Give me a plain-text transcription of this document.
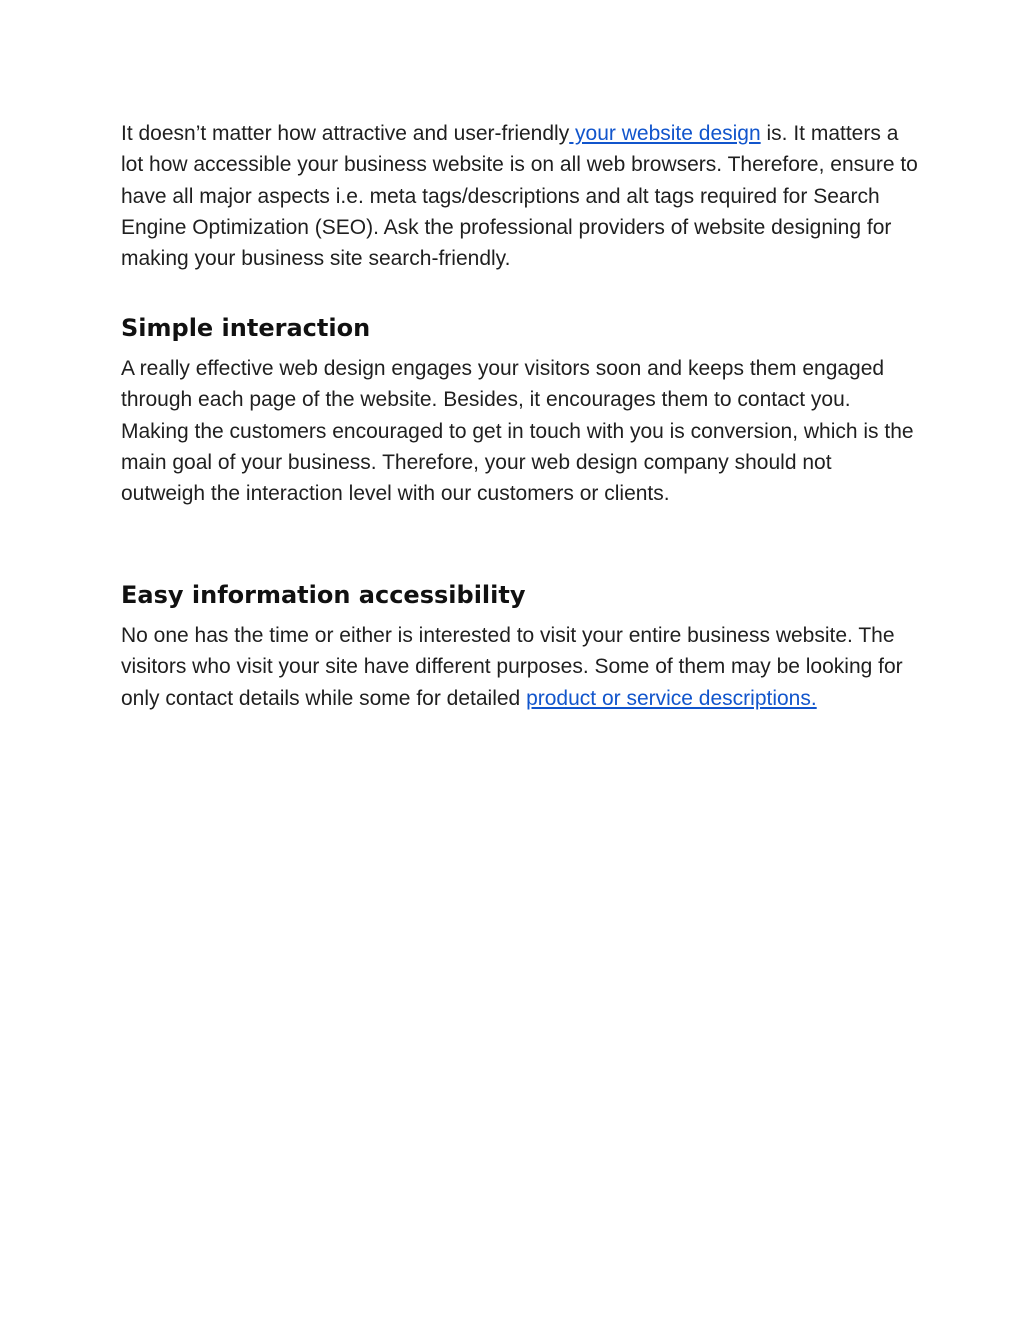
It doesn’t matter how attractive and user-friendly your website design is. It matters a lot how accessible your business website is on all web browsers. Therefore, ensure to have all major aspects i.e. meta tags/descriptions and alt tags required for Search Engine Optimization (SEO). Ask the professional providers of website designing for making your business site search-friendly.

Simple interaction

A really effective web design engages your visitors soon and keeps them engaged through each page of the website. Besides, it encourages them to contact you. Making the customers encouraged to get in touch with you is conversion, which is the main goal of your business. Therefore, your web design company should not outweigh the interaction level with our customers or clients.

Easy information accessibility

No one has the time or either is interested to visit your entire business website. The visitors who visit your site have different purposes. Some of them may be looking for only contact details while some for detailed product or service descriptions.
